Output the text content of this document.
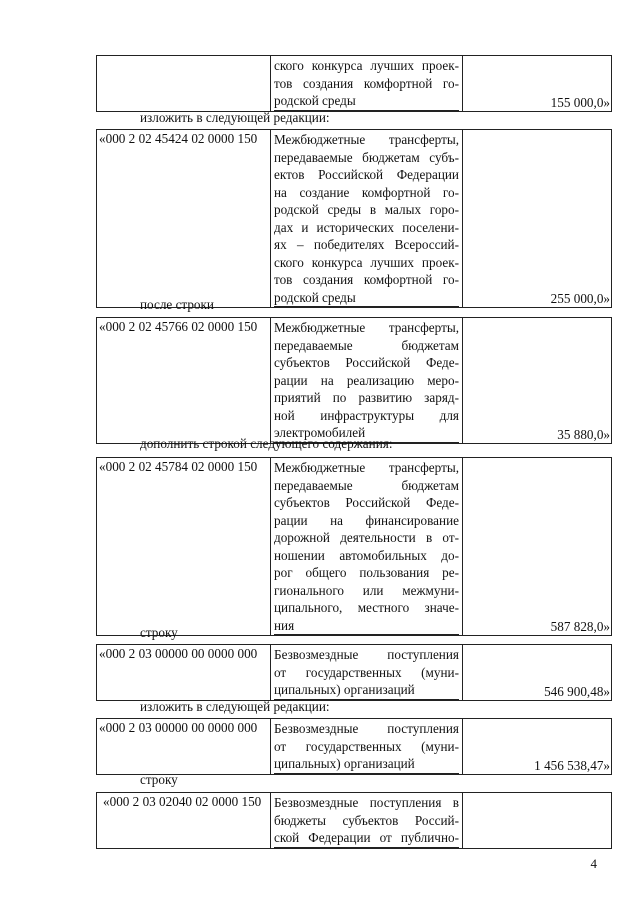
ского конкурса лучших проек-
тов создания комфортной го-
родской среды	155 000,0»
изложить в следующей редакции:
«000 2 02 45424 02 0000 150	Межбюджетные трансферты,
передаваемые бюджетам субъ-
ектов Российской Федерации
на создание комфортной го-
родской среды в малых горо-
дах и исторических поселени-
ях – победителях Всероссий-
ского конкурса лучших проек-
тов создания комфортной го-
родской среды	255 000,0»
после строки
«000 2 02 45766 02 0000 150	Межбюджетные трансферты,
передаваемые бюджетам
субъектов Российской Феде-
рации на реализацию меро-
приятий по развитию заряд-
ной инфраструктуры для
электромобилей	35 880,0»
дополнить строкой следующего содержания:
«000 2 02 45784 02 0000 150	Межбюджетные трансферты,
передаваемые бюджетам
субъектов Российской Феде-
рации на финансирование
дорожной деятельности в от-
ношении автомобильных до-
рог общего пользования ре-
гионального или межмуни-
ципального, местного значе-
ния	587 828,0»
строку
«000 2 03 00000 00 0000 000	Безвозмездные поступления
от государственных (муни-
ципальных) организаций	546 900,48»
изложить в следующей редакции:
«000 2 03 00000 00 0000 000	Безвозмездные поступления
от государственных (муни-
ципальных) организаций	1 456 538,47»
строку
«000 2 03 02040 02 0000 150 Безвозмездные поступления в
бюджеты субъектов Россий-
ской Федерации от публично-
4
